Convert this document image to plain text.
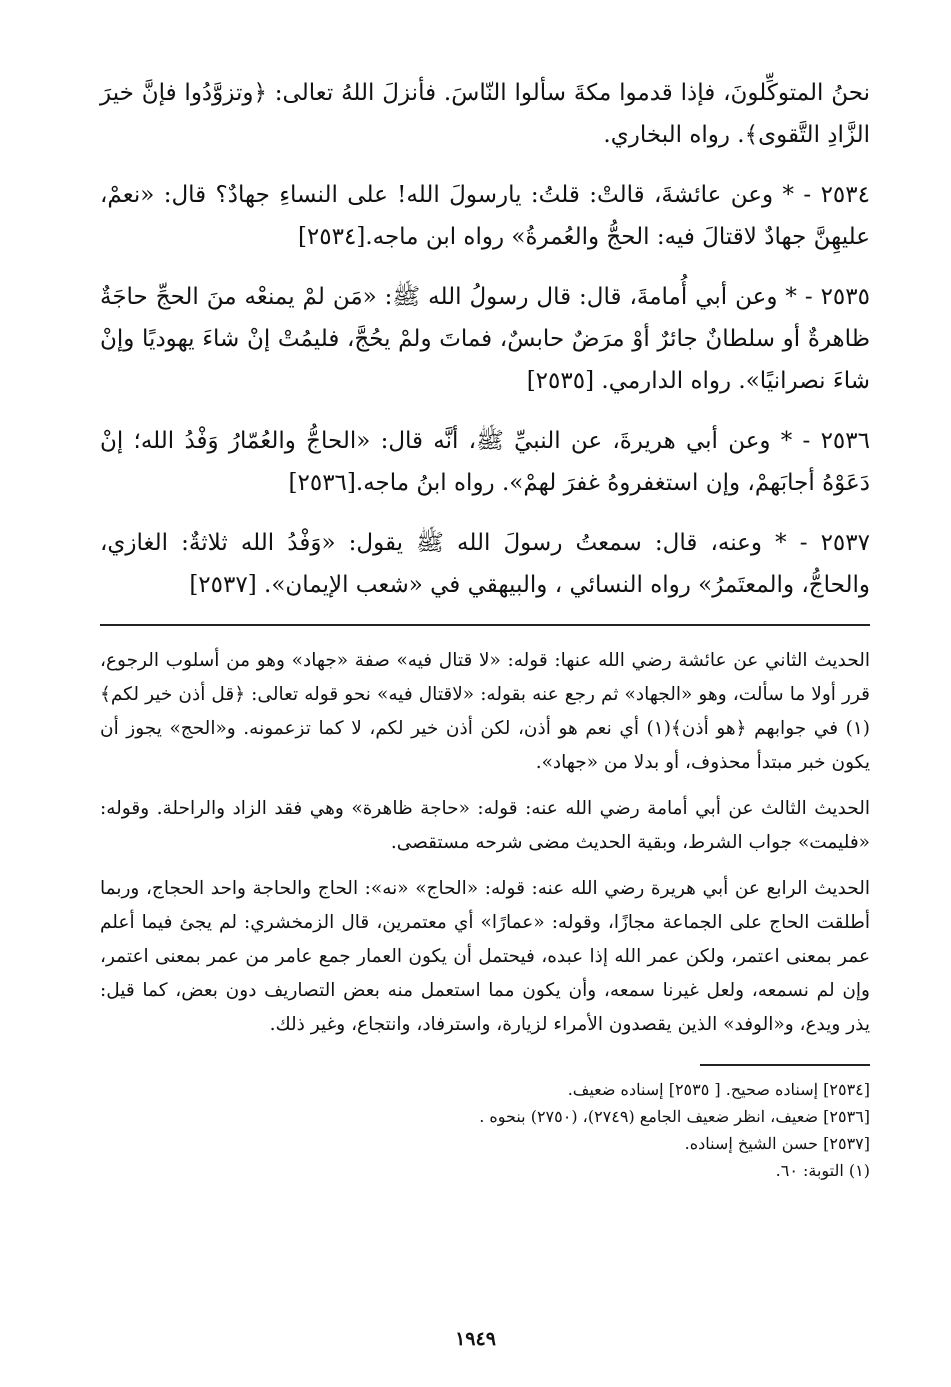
نحنُ المتوكِّلونَ، فإذا قدموا مكةَ سألوا النّاسَ. فأنزلَ اللهُ تعالى: ﴿وتزوَّدُوا فإنَّ خيرَ الزَّادِ التَّقوى﴾. رواه البخاري.

٢٥٣٤ - * وعن عائشةَ، قالتْ: قلتُ: يارسولَ الله! على النساءِ جهادٌ؟ قال: «نعمْ، عليهِنَّ جهادٌ لاقتالَ فيه: الحجُّ والعُمرةُ» رواه ابن ماجه.[٢٥٣٤]

٢٥٣٥ - * وعن أبي أُمامةَ، قال: قال رسولُ الله ﷺ: «مَن لمْ يمنعْه منَ الحجِّ حاجَةٌ ظاهرةٌ أو سلطانٌ جائرٌ أوْ مرَضٌ حابسٌ، فماتَ ولمْ يحُجَّ، فليمُتْ إنْ شاءَ يهوديًا وإنْ شاءَ نصرانيًا». رواه الدارمي. [٢٥٣٥]

٢٥٣٦ - * وعن أبي هريرةَ، عن النبيِّ ﷺ، أنَّه قال: «الحاجُّ والعُمّارُ وَفْدُ الله؛ إنْ دَعَوْهُ أجابَهمْ، وإن استغفروهُ غفرَ لهمْ». رواه ابنُ ماجه.[٢٥٣٦]

٢٥٣٧ - * وعنه، قال: سمعتُ رسولَ الله ﷺ يقول: «وَفْدُ الله ثلاثةٌ: الغازي، والحاجُّ، والمعتَمرُ» رواه النسائي ، والبيهقي في «شعب الإيمان». [٢٥٣٧]

الحديث الثاني عن عائشة رضي الله عنها: قوله: «لا قتال فيه» صفة «جهاد» وهو من أسلوب الرجوع، قرر أولا ما سألت، وهو «الجهاد» ثم رجع عنه بقوله: «لاقتال فيه» نحو قوله تعالى: ﴿قل أذن خير لكم﴾(١) في جوابهم ﴿هو أذن﴾(١) أي نعم هو أذن، لكن أذن خير لكم، لا كما تزعمونه. و«الحج» يجوز أن يكون خبر مبتدأ محذوف، أو بدلا من «جهاد».

الحديث الثالث عن أبي أمامة رضي الله عنه: قوله: «حاجة ظاهرة» وهي فقد الزاد والراحلة. وقوله: «فليمت» جواب الشرط، وبقية الحديث مضى شرحه مستقصى.

الحديث الرابع عن أبي هريرة رضي الله عنه: قوله: «الحاج» «نه»: الحاج والحاجة واحد الحجاج، وربما أطلقت الحاج على الجماعة مجازًا، وقوله: «عمارًا» أي معتمرين، قال الزمخشري: لم يجئ فيما أعلم عمر بمعنى اعتمر، ولكن عمر الله إذا عبده، فيحتمل أن يكون العمار جمع عامر من عمر بمعنى اعتمر، وإن لم نسمعه، ولعل غيرنا سمعه، وأن يكون مما استعمل منه بعض التصاريف دون بعض، كما قيل: يذر ويدع، و«الوفد» الذين يقصدون الأمراء لزيارة، واسترفاد، وانتجاع، وغير ذلك.

[٢٥٣٤] إسناده صحيح. [ ٢٥٣٥] إسناده ضعيف.

[٢٥٣٦] ضعيف، انظر ضعيف الجامع (٢٧٤٩)، (٢٧٥٠) بنحوه .

[٢٥٣٧] حسن الشيخ إسناده.

(١) التوبة: ٦٠.

١٩٤٩
